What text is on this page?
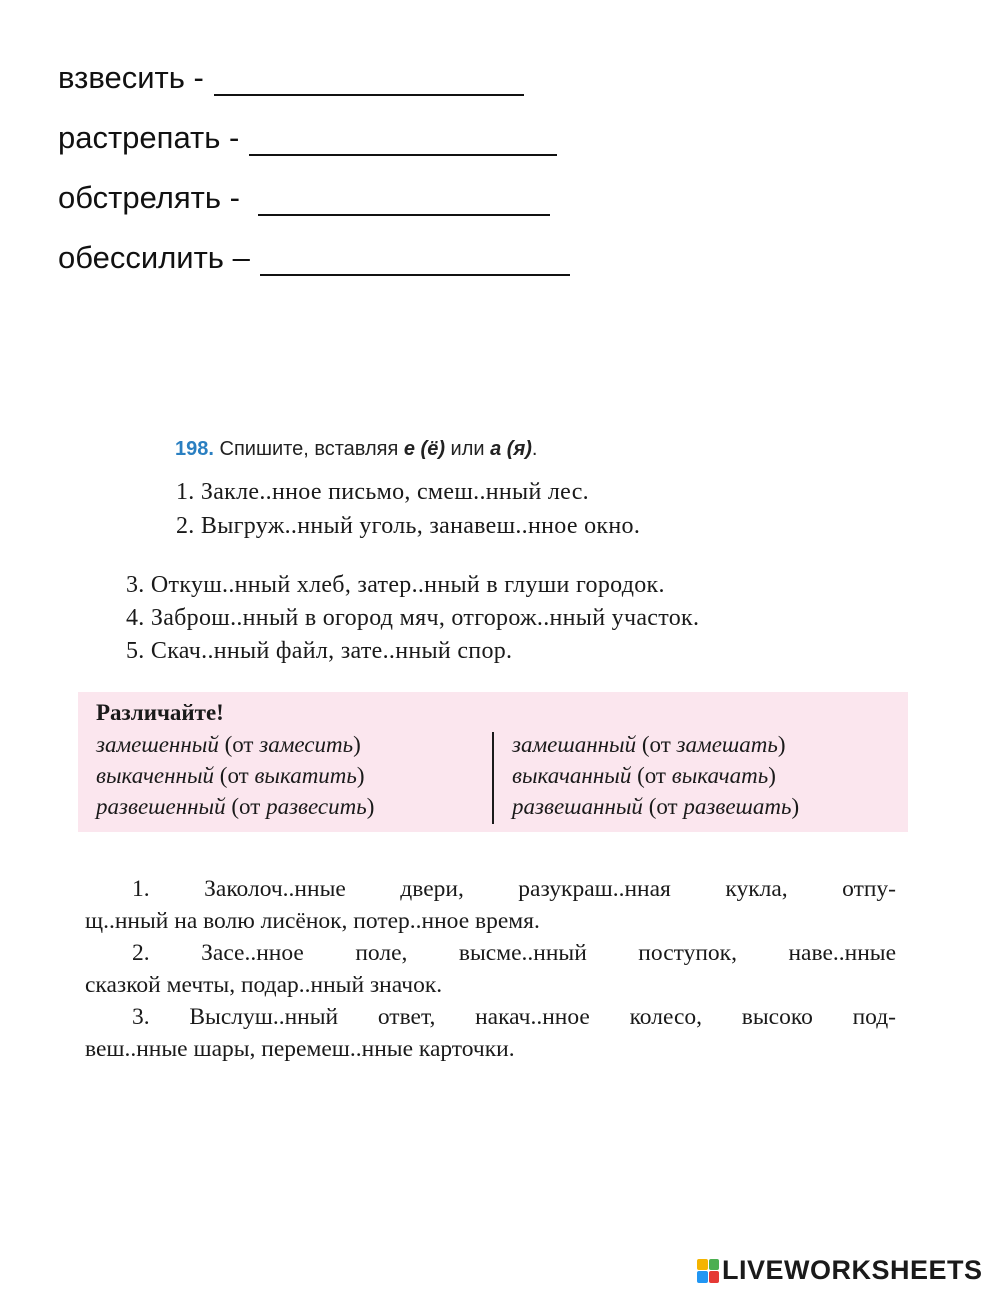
взвесить -
растрепать -
обстрелять -
обессилить –
198. Спишите, вставляя е (ё) или а (я).
1. Закле..нное письмо, смеш..нный лес.
2. Выгруж..нный уголь, занавеш..нное окно.
3. Откуш..нный хлеб, затер..нный в глуши городок.
4. Заброш..нный в огород мяч, отгорож..нный участок.
5. Скач..нный файл, зате..нный спор.
Различайте!
замешенный (от замесить)	замешанный (от замешать)
выкаченный (от выкатить)	выкачанный (от выкачать)
развешенный (от развесить)	развешанный (от развешать)
1. Заколоч..нные двери, разукраш..нная кукла, отпу-
щ..нный на волю лисёнок, потер..нное время.
2. Засе..нное поле, высме..нный поступок, наве..нные
сказкой мечты, подар..нный значок.
3. Выслуш..нный ответ, накач..нное колесо, высоко под-
веш..нные шары, перемеш..нные карточки.
LIVEWORKSHEETS
